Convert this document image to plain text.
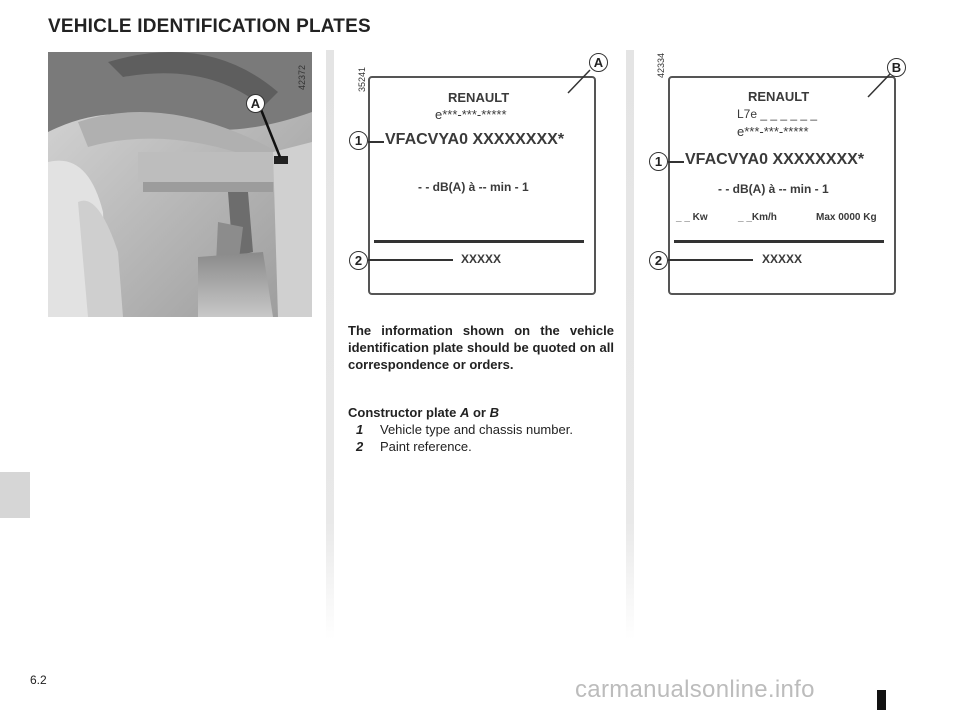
VEHICLE IDENTIFICATION PLATES
42372
A
35241
A
RENAULT
e***-***-*****
1	VFACVYA0 XXXXXXXX*
- - dB(A) à -- min - 1
2	XXXXX
42334	B
RENAULT
L7e _ _ _ _ _ _
e***-***-*****
1	VFACVYA0 XXXXXXXX*
- - dB(A) à -- min - 1
_ _ Kw	_ _Km/h	Max 0000 Kg
2	XXXXX
The information shown on the vehicle identification plate should be quoted on all correspondence or orders.
Constructor plate A or B
1 Vehicle type and chassis number.
2 Paint reference.
6.2	carmanualsonline.info
